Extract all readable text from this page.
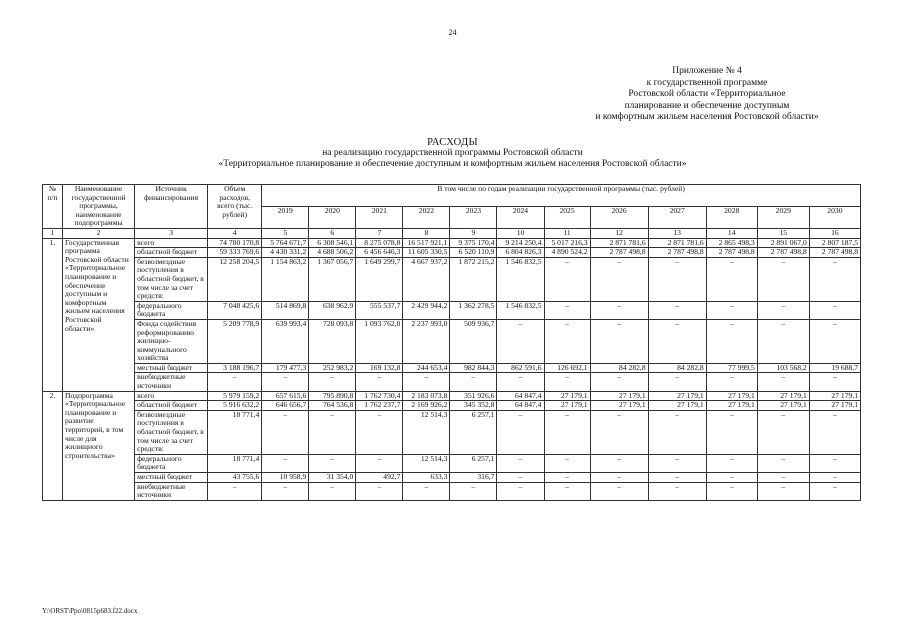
24
Приложение № 4
к государственной программе
Ростовской области «Территориальное
планирование и обеспечение доступным
и комфортным жильем населения Ростовской области»
РАСХОДЫ
на реализацию государственной программы Ростовской области
«Территориальное планирование и обеспечение доступным и комфортным жильем населения Ростовской области»
№ п/п	Наименование государственной программы, наименование подпрограммы	Источник финансирования	Объем расходов, всего (тыс. рублей)	В том числе по годам реализации государственной программы (тыс. рублей)											
				2019	2020	2021	2022	2023	2024	2025	2026	2027	2028	2029	2030
1	2	3	4	5	6	7	8	9	10	11	12	13	14	15	16
1.	Государственная программа Ростовской области «Территориальное планирование и обеспечение доступным и комфортным жильем населения Ростовской области»	всего	74 780 170,8	5 764 671,7	6 308 546,1	8 275 078,8	16 517 921,1	9 375 170,4	9 214 250,4	5 017 216,3	2 871 781,6	2 871 781,6	2 865 498,3	2 891 067,0	2 807 187,5
		областной бюджет	59 333 769,6	4 430 331,2	4 688 506,2	6 456 646,3	11 605 330,5	6 520 110,9	6 804 826,3	4 890 524,2	2 787 498,8	2 787 498,8	2 787 498,8	2 787 498,8	2 787 498,8
		безвозмездные поступления в областной бюджет, в том числе за счет средств:	12 258 204,5	1 154 863,2	1 367 056,7	1 649 299,7	4 667 937,2	1 872 215,2	1 546 832,5	–	–	–	–	–	–
		федерального бюджета	7 048 425,6	514 869,8	638 962,9	555 537,7	2 429 944,2	1 362 278,5	1 546 832,5	–	–	–	–	–	–
		Фонда содействия реформированию жилищно-коммунального хозяйства	5 209 778,9	639 993,4	728 093,8	1 093 762,0	2 237 993,0	509 936,7	–	–	–	–	–	–	–
		местный бюджет	3 188 196,7	179 477,3	252 983,2	169 132,8	244 653,4	982 844,3	862 591,6	126 692,1	84 282,8	84 282,8	77 999,5	103 568,2	19 688,7
		внебюджетные источники	–	–	–	–	–	–	–	–	–	–	–	–	–
2.	Подпрограмма «Территориальное планирование и развитие территорий, в том числе для жилищного строительства»	всего	5 979 159,2	657 615,6	795 890,8	1 762 730,4	2 183 073,8	351 926,6	64 847,4	27 179,1	27 179,1	27 179,1	27 179,1	27 179,1	27 179,1
		областной бюджет	5 916 632,2	646 656,7	764 536,8	1 762 237,7	2 169 926,2	345 352,8	64 847,4	27 179,1	27 179,1	27 179,1	27 179,1	27 179,1	27 179,1
		безвозмездные поступления в областной бюджет, в том числе за счет средств:	18 771,4	–	–	–	12 514,3	6 257,1	–	–	–	–	–	–	–
		федерального бюджета	18 771,4	–	–	–	12 514,3	6 257,1	–	–	–	–	–	–	–
		местный бюджет	43 755,6	10 958,9	31 354,0	492,7	633,3	316,7	–	–	–	–	–	–	–
		внебюджетные источники	–	–	–	–	–	–	–	–	–	–	–	–	–
Y:\ORST\Ppo\0815p683.f22.docx
